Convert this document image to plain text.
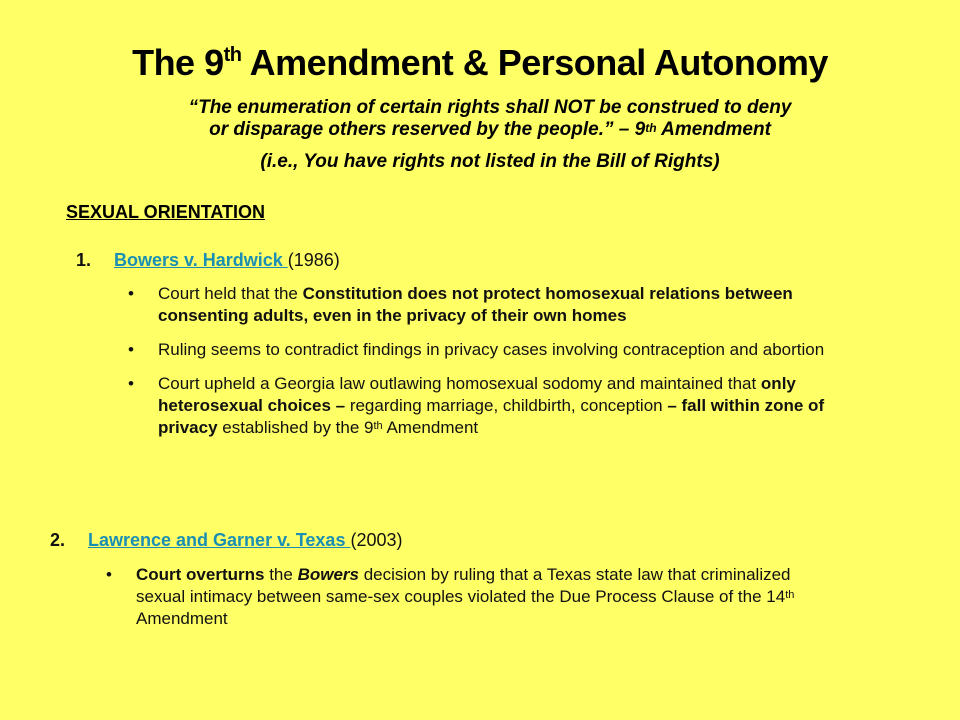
The 9th Amendment & Personal Autonomy
“The enumeration of certain rights shall NOT be construed to deny
or disparage others reserved by the people.” – 9th Amendment
(i.e., You have rights not listed in the Bill of Rights)
SEXUAL ORIENTATION
1. Bowers v. Hardwick (1986)
• Court held that the Constitution does not protect homosexual relations between consenting adults, even in the privacy of their own homes
• Ruling seems to contradict findings in privacy cases involving contraception and abortion
• Court upheld a Georgia law outlawing homosexual sodomy and maintained that only heterosexual choices – regarding marriage, childbirth, conception – fall within zone of privacy established by the 9th Amendment
2. Lawrence and Garner v. Texas (2003)
• Court overturns the Bowers decision by ruling that a Texas state law that criminalized sexual intimacy between same-sex couples violated the Due Process Clause of the 14th Amendment
